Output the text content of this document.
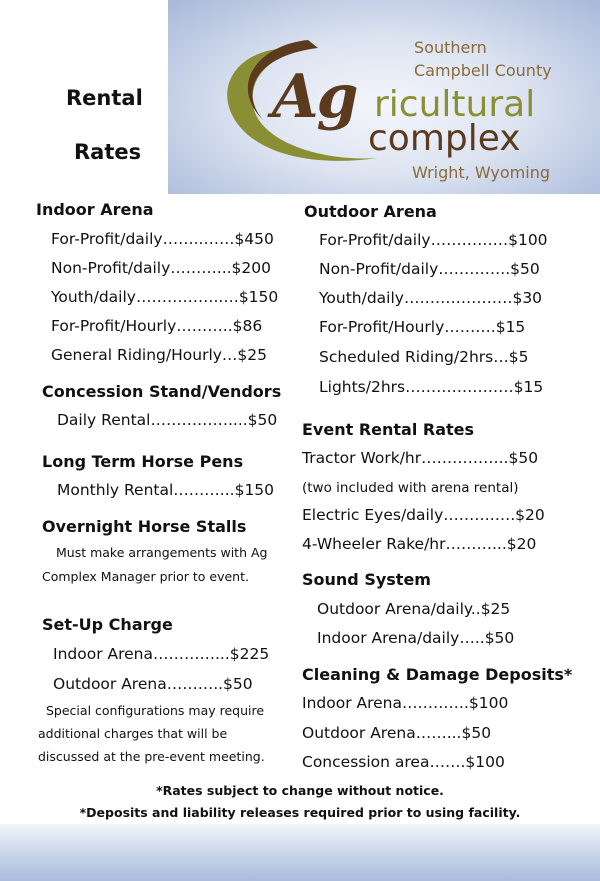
Rental
Rates
Southern
Campbell County
Ag ricultural
complex
Wright, Wyoming
Indoor Arena
For-Profit/daily……..……$450
Non-Profit/daily………...$200
Youth/daily……………..…$150
For-Profit/Hourly………..$86
General Riding/Hourly…$25
Concession Stand/Vendors
Daily Rental……………....$50
Long Term Horse Pens
Monthly Rental………...$150
Overnight Horse Stalls
Must make arrangements with Ag
Complex Manager prior to event.
Set-Up Charge
Indoor Arena…………...$225
Outdoor Arena………..$50
Special configurations may require
additional charges that will be
discussed at the pre-event meeting.
Outdoor Arena
For-Profit/daily……………$100
Non-Profit/daily…………..$50
Youth/daily…………………$30
For-Profit/Hourly……….$15
Scheduled Riding/2hrs…$5
Lights/2hrs…………………$15
Event Rental Rates
Tractor Work/hr……………..$50
(two included with arena rental)
Electric Eyes/daily……….….$20
4-Wheeler Rake/hr………...$20
Sound System
Outdoor Arena/daily..$25
Indoor Arena/daily…..$50
Cleaning & Damage Deposits*
Indoor Arena………….$100
Outdoor Arena……...$50
Concession area…….$100
*Rates subject to change without notice.
*Deposits and liability releases required prior to using facility.
